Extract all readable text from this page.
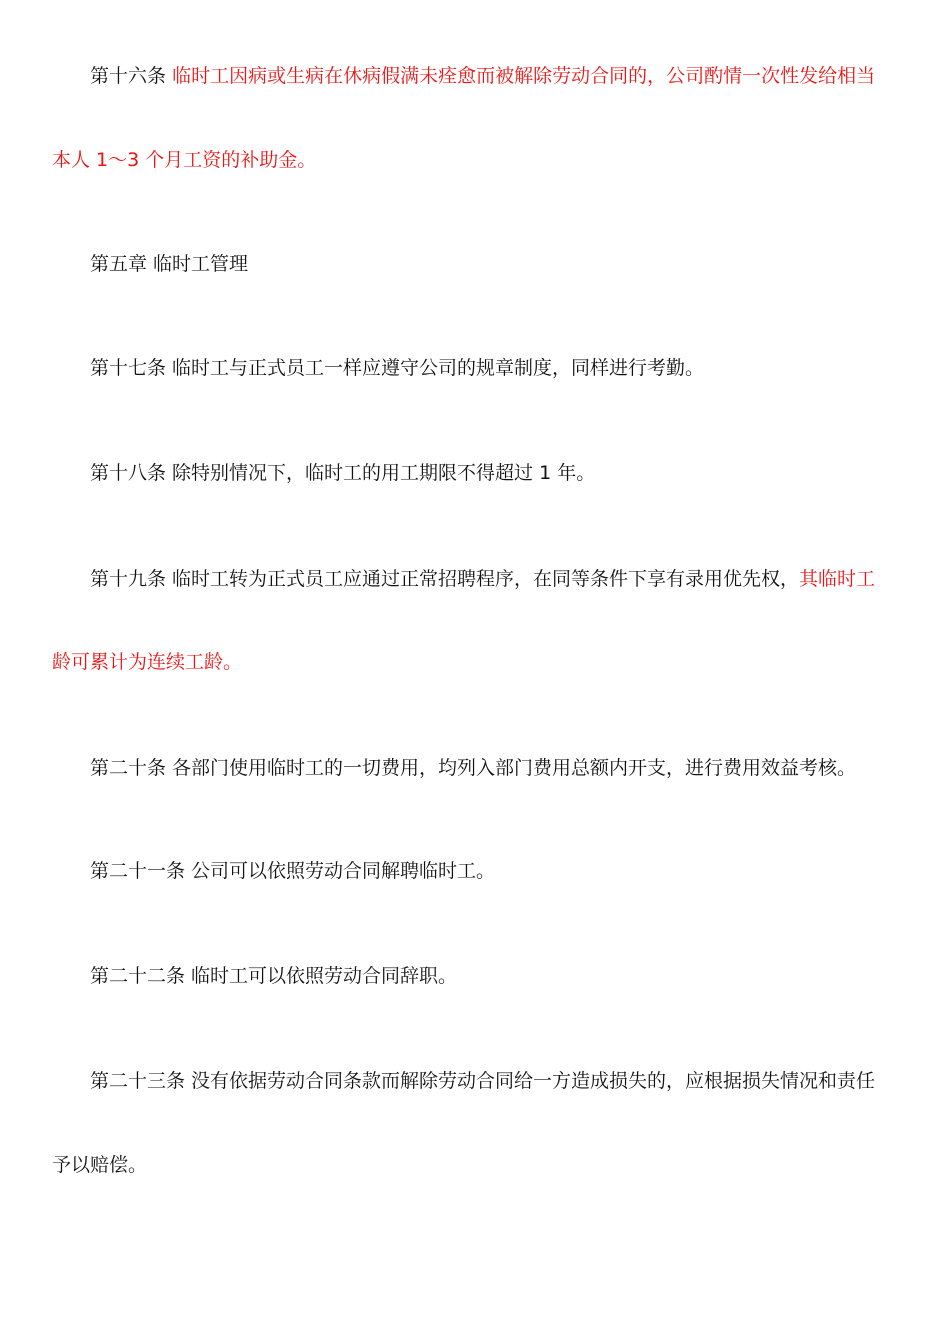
第十六条 临时工因病或生病在休病假满未痊愈而被解除劳动合同的，公司酌情一次性发给相当
本人 1～3 个月工资的补助金。
第五章 临时工管理
第十七条 临时工与正式员工一样应遵守公司的规章制度，同样进行考勤。
第十八条 除特别情况下，临时工的用工期限不得超过 1 年。
第十九条 临时工转为正式员工应通过正常招聘程序，在同等条件下享有录用优先权，其临时工
龄可累计为连续工龄。
第二十条 各部门使用临时工的一切费用，均列入部门费用总额内开支，进行费用效益考核。
第二十一条 公司可以依照劳动合同解聘临时工。
第二十二条 临时工可以依照劳动合同辞职。
第二十三条 没有依据劳动合同条款而解除劳动合同给一方造成损失的，应根据损失情况和责任
予以赔偿。
